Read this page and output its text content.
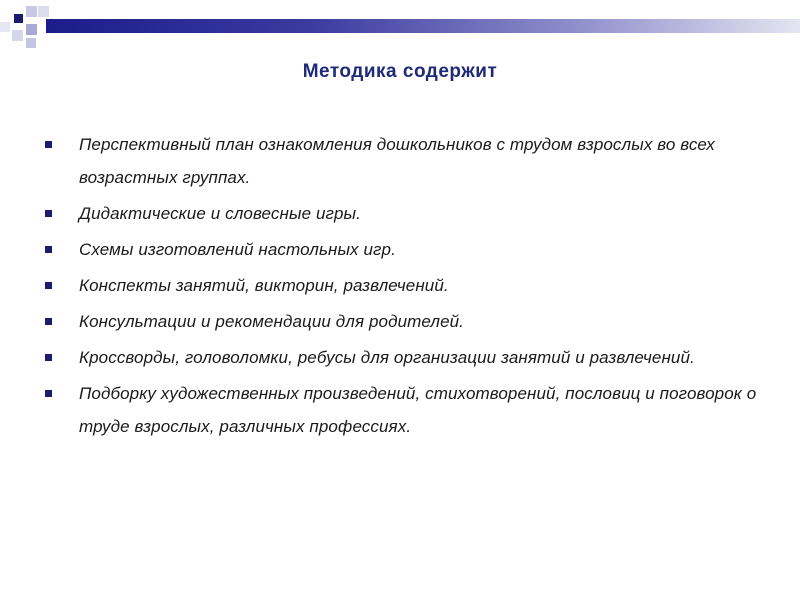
Методика содержит
Перспективный план ознакомления дошкольников с трудом взрослых во всех возрастных группах.
Дидактические и словесные игры.
Схемы изготовлений настольных игр.
Конспекты занятий, викторин, развлечений.
Консультации и рекомендации для родителей.
Кроссворды, головоломки, ребусы для организации занятий и развлечений.
Подборку художественных произведений, стихотворений, пословиц и поговорок о труде взрослых, различных профессиях.
